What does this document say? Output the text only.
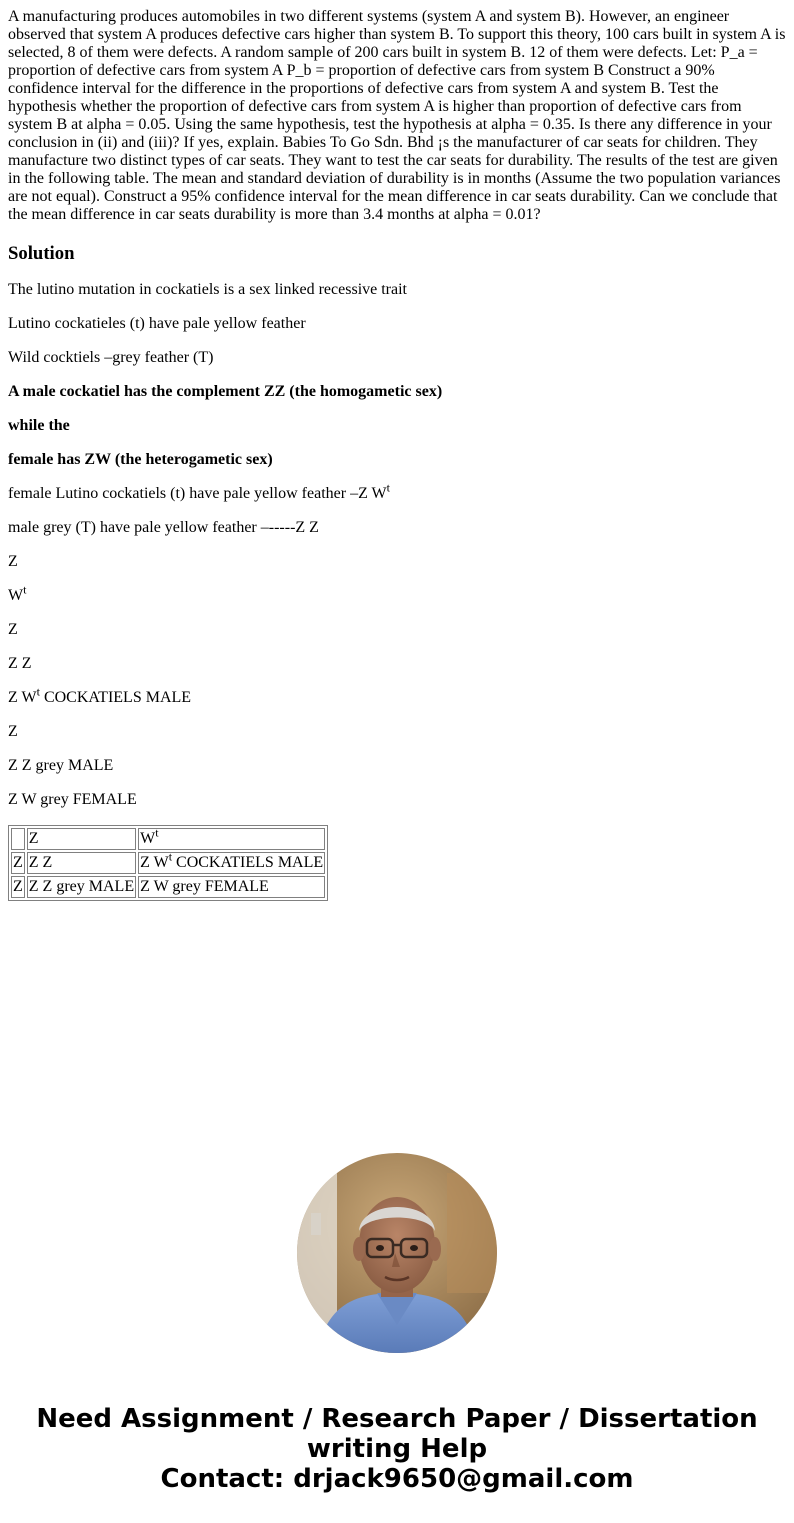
A manufacturing produces automobiles in two different systems (system A and system B). However, an engineer observed that system A produces defective cars higher than system B. To support this theory, 100 cars built in system A is selected, 8 of them were defects. A random sample of 200 cars built in system B. 12 of them were defects. Let: P_a = proportion of defective cars from system A P_b = proportion of defective cars from system B Construct a 90% confidence interval for the difference in the proportions of defective cars from system A and system B. Test the hypothesis whether the proportion of defective cars from system A is higher than proportion of defective cars from system B at alpha = 0.05. Using the same hypothesis, test the hypothesis at alpha = 0.35. Is there any difference in your conclusion in (ii) and (iii)? If yes, explain. Babies To Go Sdn. Bhd ¡s the manufacturer of car seats for children. They manufacture two distinct types of car seats. They want to test the car seats for durability. The results of the test are given in the following table. The mean and standard deviation of durability is in months (Assume the two population variances are not equal). Construct a 95% confidence interval for the mean difference in car seats durability. Can we conclude that the mean difference in car seats durability is more than 3.4 months at alpha = 0.01?
Solution

The lutino mutation in cockatiels is a sex linked recessive trait

Lutino cockatieles (t) have pale yellow feather

Wild cocktiels –grey feather (T)

A male cockatiel has the complement ZZ (the homogametic sex)

while the

female has ZW (the heterogametic sex)

female Lutino cockatiels (t) have pale yellow feather –Z $W^t$

male grey (T) have pale yellow feather –-----Z Z

Z

$W^t$

Z

Z Z

Z $W^t$ COCKATIELS MALE

Z

Z Z grey MALE

Z W grey FEMALE

	Z	$W^t$
Z	Z Z	Z $W^t$ COCKATIELS MALE
Z	Z Z grey MALE	Z W grey FEMALE
Need Assignment / Research Paper / Dissertation
writing Help
Contact: drjack9650@gmail.com
